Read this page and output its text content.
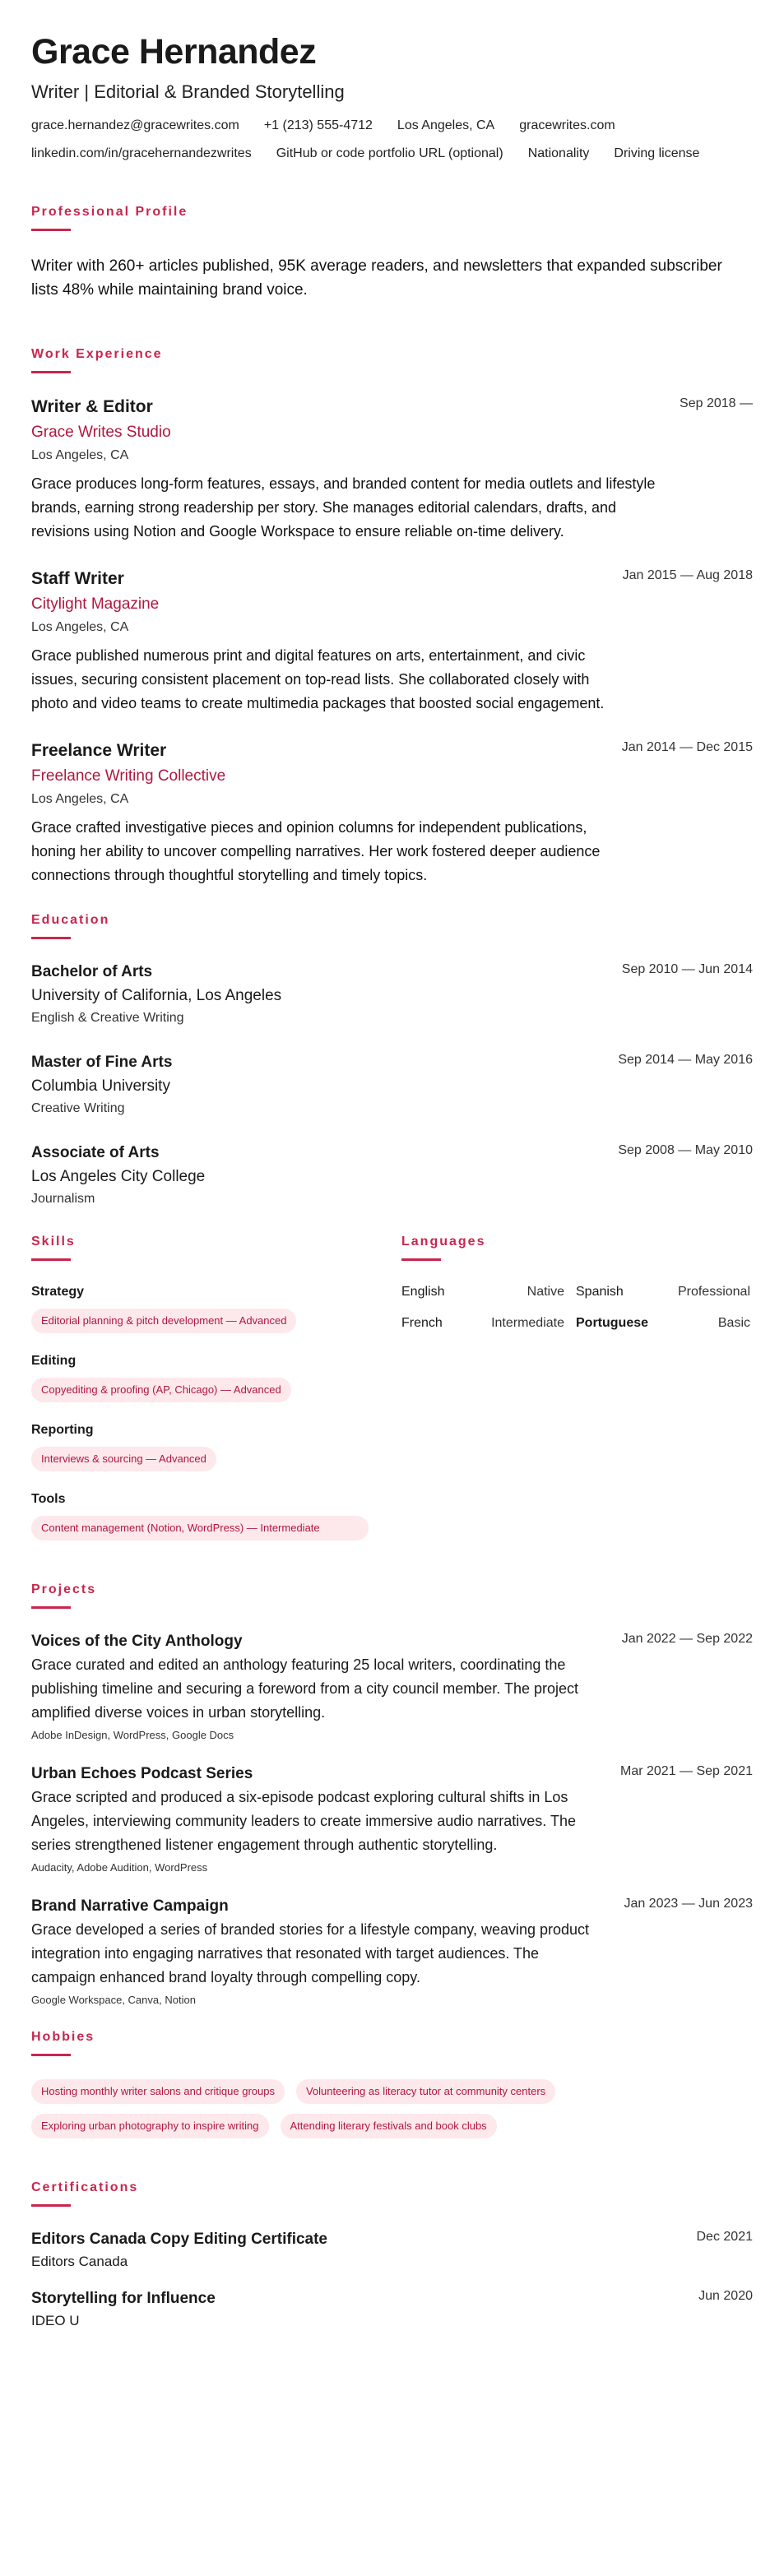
Grace Hernandez
Writer | Editorial & Branded Storytelling
grace.hernandez@gracewrites.com +1 (213) 555-4712 Los Angeles, CA gracewrites.com
linkedin.com/in/gracehernandezwrites GitHub or code portfolio URL (optional) Nationality Driving license
Professional Profile

Writer with 260+ articles published, 95K average readers, and newsletters that expanded subscriber lists 48% while maintaining brand voice.

Work Experience
Sep 2018 —
Writer & Editor
Grace Writes Studio
Los Angeles, CA

Grace produces long-form features, essays, and branded content for media outlets and lifestyle brands, earning strong readership per story. She manages editorial calendars, drafts, and revisions using Notion and Google Workspace to ensure reliable on-time delivery.

Jan 2015 — Aug 2018
Staff Writer
Citylight Magazine
Los Angeles, CA

Grace published numerous print and digital features on arts, entertainment, and civic issues, securing consistent placement on top-read lists. She collaborated closely with photo and video teams to create multimedia packages that boosted social engagement.

Jan 2014 — Dec 2015
Freelance Writer
Freelance Writing Collective
Los Angeles, CA

Grace crafted investigative pieces and opinion columns for independent publications, honing her ability to uncover compelling narratives. Her work fostered deeper audience connections through thoughtful storytelling and timely topics.

Education
Sep 2010 — Jun 2014
Bachelor of Arts
University of California, Los Angeles
English & Creative Writing
Sep 2014 — May 2016
Master of Fine Arts
Columbia University
Creative Writing
Sep 2008 — May 2010
Associate of Arts
Los Angeles City College
Journalism
Skills
Strategy
Editorial planning & pitch development — Advanced
Editing
Copyediting & proofing (AP, Chicago) — Advanced
Reporting
Interviews & sourcing — Advanced
Tools
Content management (Notion, WordPress) — Intermediate
Languages
English	Native Spanish	Professional
French	Intermediate Portuguese	Basic
Projects
Jan 2022 — Sep 2022
Voices of the City Anthology

Grace curated and edited an anthology featuring 25 local writers, coordinating the publishing timeline and securing a foreword from a city council member. The project amplified diverse voices in urban storytelling.

Adobe InDesign, WordPress, Google Docs
Mar 2021 — Sep 2021
Urban Echoes Podcast Series

Grace scripted and produced a six-episode podcast exploring cultural shifts in Los Angeles, interviewing community leaders to create immersive audio narratives. The series strengthened listener engagement through authentic storytelling.

Audacity, Adobe Audition, WordPress
Jan 2023 — Jun 2023
Brand Narrative Campaign

Grace developed a series of branded stories for a lifestyle company, weaving product integration into engaging narratives that resonated with target audiences. The campaign enhanced brand loyalty through compelling copy.

Google Workspace, Canva, Notion
Hobbies
Hosting monthly writer salons and critique groups	Volunteering as literacy tutor at community centers
Exploring urban photography to inspire writing	Attending literary festivals and book clubs
Certifications
Dec 2021
Editors Canada Copy Editing Certificate
Editors Canada
Jun 2020
Storytelling for Influence
IDEO U
